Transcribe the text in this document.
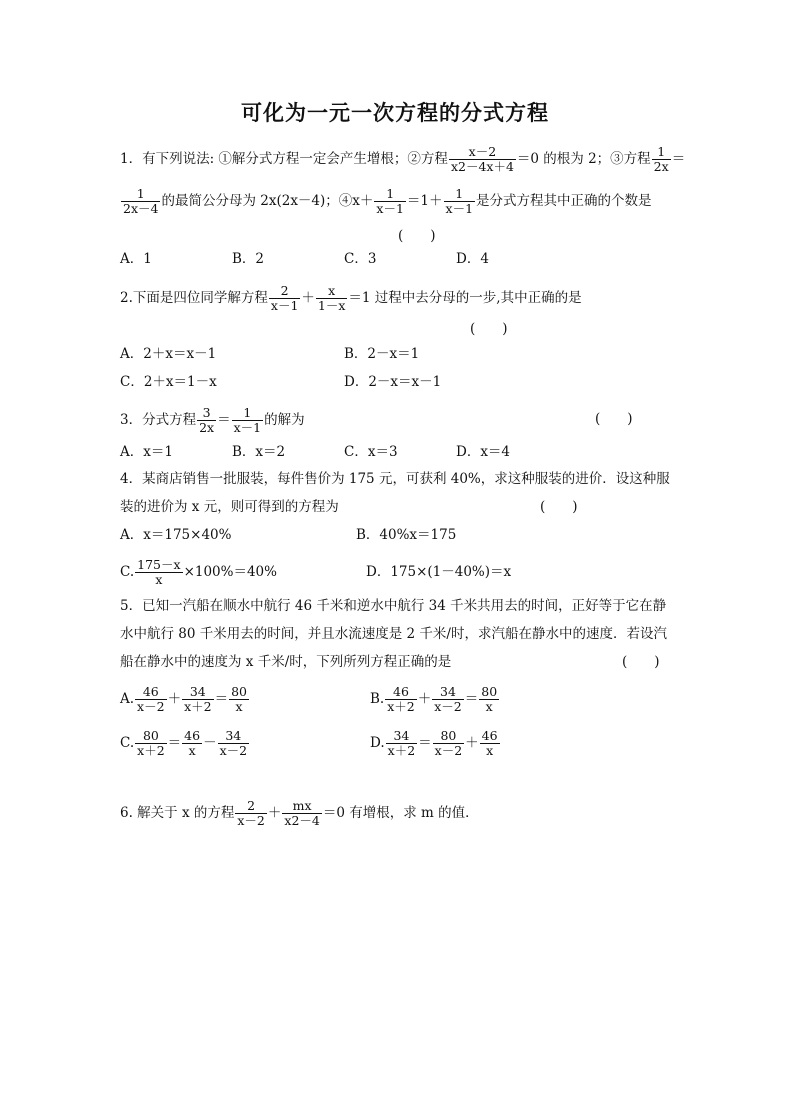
可化为一元一次方程的分式方程
1．有下列说法: ①解分式方程一定会产生增根；②方程 $\frac{x-2}{x2-4x+4} =0$ 的根为 2；③方程 $\frac{1}{2x}$ ＝
$\frac{1}{2x-4}$ 的最简公分母为 2x(2x－4)；④x＋ $\frac{1}{x-1} =1+ \frac{1}{x-1}$ 是分式方程其中正确的个数是
(　　)
A．1	B．2	C．3	D．4
2.下面是四位同学解方程 $\frac{2}{x-1} + \frac{x}{1-x} =1$ 过程中去分母的一步,其中正确的是
(　　)
A．2＋x＝x－1	B．2－x＝1
C．2＋x＝1－x	D．2－x＝x－1
3．分式方程 $\frac{3}{2x} = \frac{1}{x-1}$ 的解为	(　　)
A．x＝1	B．x＝2	C．x＝3	D．x＝4
4．某商店销售一批服装，每件售价为 175 元，可获利 40%，求这种服装的进价．设这种服
装的进价为 x 元，则可得到的方程为	(　　)
A．x＝175×40%	B．40%x＝175
C. $\frac{175-x}{x} \times 100\%=40\%$	D．175×(1－40%)＝x
5．已知一汽船在顺水中航行 46 千米和逆水中航行 34 千米共用去的时间，正好等于它在静
水中航行 80 千米用去的时间，并且水流速度是 2 千米/时，求汽船在静水中的速度．若设汽
船在静水中的速度为 x 千米/时，下列所列方程正确的是	(　　)
A. $\frac{46}{x-2} + \frac{34}{x+2} = \frac{80}{x}$	B. $\frac{46}{x+2} + \frac{34}{x-2} = \frac{80}{x}$
C. $\frac{80}{x+2} = \frac{46}{x} - \frac{34}{x-2}$	D. $\frac{34}{x+2} = \frac{80}{x-2} + \frac{46}{x}$
6. 解关于 x 的方程 $\frac{2}{x-2} + \frac{mx}{x2-4} =0$ 有增根，求 m 的值．
